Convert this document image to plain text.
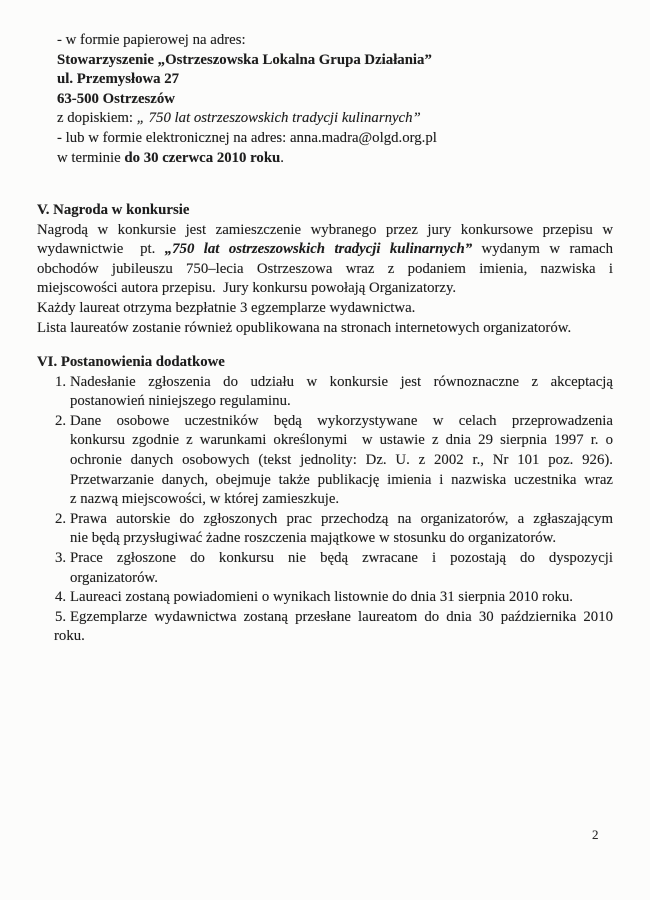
- w formie papierowej na adres:
Stowarzyszenie „Ostrzeszowska Lokalna Grupa Działania”
ul. Przemysłowa 27
63-500 Ostrzeszów
z dopiskiem: „ 750 lat ostrzeszowskich tradycji kulinarnych”
- lub w formie elektronicznej na adres: anna.madra@olgd.org.pl
w terminie do 30 czerwca 2010 roku.
V. Nagroda w konkursie
Nagrodą w konkursie jest zamieszczenie wybranego przez jury konkursowe przepisu w
wydawnictwie  pt. „750 lat ostrzeszowskich tradycji kulinarnych” wydanym w ramach
obchodów jubileuszu 750–lecia Ostrzeszowa wraz z podaniem imienia, nazwiska i
miejscowości autora przepisu. Jury konkursu powołają Organizatorzy.
Każdy laureat otrzyma bezpłatnie 3 egzemplarze wydawnictwa.
Lista laureatów zostanie również opublikowana na stronach internetowych organizatorów.
VI. Postanowienia dodatkowe
1. Nadesłanie zgłoszenia do udziału w konkursie jest równoznaczne z akceptacją
postanowień niniejszego regulaminu.
2. Dane osobowe uczestników będą wykorzystywane w celach przeprowadzenia
konkursu zgodnie z warunkami określonymi  w ustawie z dnia 29 sierpnia 1997 r. o
ochronie danych osobowych (tekst jednolity: Dz. U. z 2002 r., Nr 101 poz. 926).
Przetwarzanie danych, obejmuje także publikację imienia i nazwiska uczestnika wraz
z nazwą miejscowości, w której zamieszkuje.
2. Prawa autorskie do zgłoszonych prac przechodzą na organizatorów, a zgłaszającym
nie będą przysługiwać żadne roszczenia majątkowe w stosunku do organizatorów.
3. Prace zgłoszone do konkursu nie będą zwracane i pozostają do dyspozycji
organizatorów.
4. Laureaci zostaną powiadomieni o wynikach listownie do dnia 31 sierpnia 2010 roku.
5. Egzemplarze wydawnictwa zostaną przesłane laureatom do dnia 30 października 2010
roku.
2
